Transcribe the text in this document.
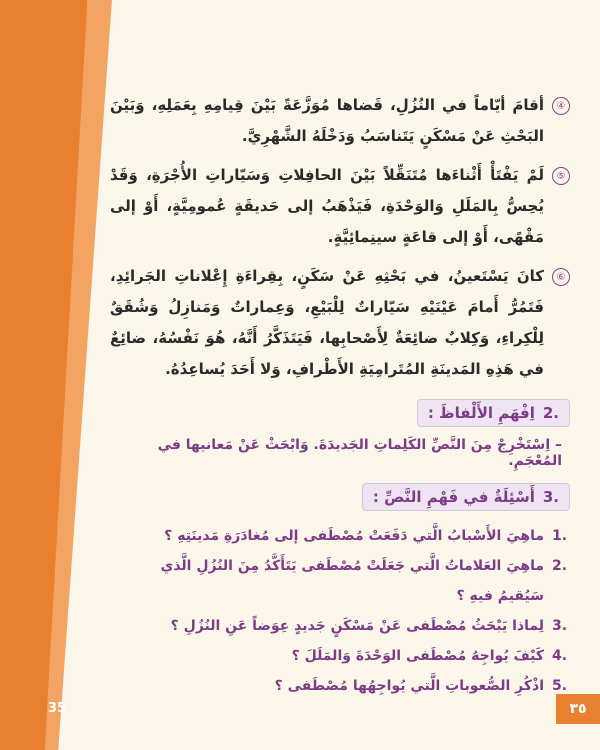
35	٣٥
④
أقامَ أيّاماً في النُزُلِ، قَضاها مُوَزَّعَةً بَيْنَ قِيامِهِ بِعَمَلِهِ، وَبَيْنَ البَحْثِ عَنْ مَسْكَنٍ يَتَناسَبُ وَدَخْلَهُ الشَّهْرِيَّ.
⑤
لَمْ يَفْتَأْ أَثْناءَها مُتَنَقِّلاً بَيْنَ الحافِلاتِ وَسَيّاراتِ الأُجْرَةِ، وَقَدْ يُحِسُّ بِالمَلَلِ وَالوَحْدَةِ، فَيَذْهَبُ إلى حَديقَةٍ عُمومِيَّةٍ، أَوْ إلى مَقْهًى، أَوْ إلى قاعَةٍ سينِمائِيَّةٍ.
⑥
كانَ يَسْتَعينُ، في بَحْثِهِ عَنْ سَكَنٍ، بِقِراءَةِ إِعْلاناتِ الجَرائِدِ، فَتَمُرُّ أَمامَ عَيْنَيْهِ سَيّاراتٌ لِلْبَيْعِ، وَعِماراتٌ وَمَنازِلُ وَشُقَقٌ لِلْكِراءِ، وَكِلابٌ ضائِعَةٌ لِأَصْحابِها، فَيَتَذَكَّرُ أَنَّهُ، هُوَ نَفْسُهُ، ضائِعٌ في هَذِهِ المَدينَةِ المُتَرامِيَةِ الأَطْرافِ، وَلا أَحَدَ يُساعِدُهُ.
2.
اِفْهَمِ الأَلْفاظَ :
– اِسْتَخْرِجْ مِنَ النَّصِّ الكَلِماتِ الجَديدَةَ. وَابْحَثْ عَنْ مَعانيها في المُعْجَمِ.
3.
أَسْئِلَةٌ في فَهْمِ النَّصِّ :
1.
ماهِيَ الأَسْبابُ الَّتي دَفَعَتْ مُصْطَفى إلى مُغادَرَةِ مَدينَتِهِ ؟
2.
ماهِيَ العَلاماتُ الَّتي جَعَلَتْ مُصْطَفى يَتَأَكَّدُ مِنَ النُزُلِ الَّذي سَيُقيمُ فيهِ ؟
3.
لِماذا يَبْحَثُ مُصْطَفى عَنْ مَسْكَنٍ جَديدٍ عِوَضاً عَنِ النُزُلِ ؟
4.
كَيْفَ يُواجِهُ مُصْطَفى الوَحْدَةَ وَالمَلَلَ ؟
5.
اذْكُرِ الصُّعوباتِ الَّتي يُواجِهُها مُصْطَفى ؟
